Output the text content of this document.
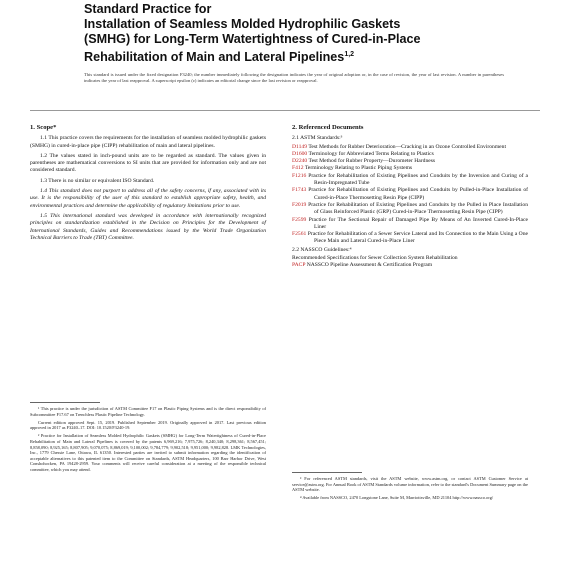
Standard Practice for
Installation of Seamless Molded Hydrophilic Gaskets
(SMHG) for Long-Term Watertightness of Cured-in-Place
Rehabilitation of Main and Lateral Pipelines$^{1,2}$
This standard is issued under the fixed designation F3240; the number immediately following the designation indicates the year of original adoption or, in the case of revision, the year of last revision. A number in parentheses indicates the year of last reapproval. A superscript epsilon (ε) indicates an editorial change since the last revision or reapproval.
1. Scope*

1.1 This practice covers the requirements for the installation of seamless molded hydrophilic gaskets (SMHG) in cured-in-place pipe (CIPP) rehabilitation of main and lateral pipelines.

1.2 The values stated in inch-pound units are to be regarded as standard. The values given in parentheses are mathematical conversions to SI units that are provided for information only and are not considered standard.

1.3 There is no similar or equivalent ISO Standard.

1.4 This standard does not purport to address all of the safety concerns, if any, associated with its use. It is the responsibility of the user of this standard to establish appropriate safety, health, and environmental practices and determine the applicability of regulatory limitations prior to use.

1.5 This international standard was developed in accordance with internationally recognized principles on standardization established in the Decision on Principles for the Development of International Standards, Guides and Recommendations issued by the World Trade Organization Technical Barriers to Trade (TBT) Committee.

¹ This practice is under the jurisdiction of ASTM Committee F17 on Plastic Piping Systems and is the direct responsibility of Subcommittee F17.67 on Trenchless Plastic Pipeline Technology.

Current edition approved Sept. 15, 2019. Published September 2019. Originally approved in 2017. Last previous edition approved in 2017 as F3240–17. DOI: 10.1520/F3240-19.

² Practice for Installation of Seamless Molded Hydrophilic Gaskets (SMHG) for Long-Term Watertightness of Cured-in-Place Rehabilitation of Main and Lateral Pipelines is covered by the patents 6,969,216; 7,975,726; 8,240,340; 8,298,361; 8,567,451; 8,858,090; 8,925,165; 8,807,905; 9,070,075; 8,869,019; 9,100,002; 9,784,779; 9,902,518; 9,951,000; 9,982,828. LMK Technologies, Inc., 1779 Chessie Lane, Ottawa, IL 61350. Interested parties are invited to submit information regarding the identification of acceptable alternatives to this patented item to the Committee on Standards, ASTM Headquarters, 100 Barr Harbor Drive, West Conshohocken, PA 19428-2959. Your comments will receive careful consideration at a meeting of the responsible technical committee, which you may attend.

2. Referenced Documents

2.1 ASTM Standards:³

D1149 Test Methods for Rubber Deterioration—Cracking in an Ozone Controlled Environment

D1600 Terminology for Abbreviated Terms Relating to Plastics

D2240 Test Method for Rubber Property—Durometer Hardness

F412 Terminology Relating to Plastic Piping Systems

F1216 Practice for Rehabilitation of Existing Pipelines and Conduits by the Inversion and Curing of a Resin-Impregnated Tube

F1743 Practice for Rehabilitation of Existing Pipelines and Conduits by Pulled-in-Place Installation of Cured-in-Place Thermosetting Resin Pipe (CIPP)

F2019 Practice for Rehabilitation of Existing Pipelines and Conduits by the Pulled in Place Installation of Glass Reinforced Plastic (GRP) Cured-in-Place Thermosetting Resin Pipe (CIPP)

F2599 Practice for The Sectional Repair of Damaged Pipe By Means of An Inverted Cured-In-Place Liner

F2561 Practice for Rehabilitation of a Sewer Service Lateral and Its Connection to the Main Using a One Piece Main and Lateral Cured-in-Place Liner

2.2 NASSCO Guidelines:⁴

Recommended Specifications for Sewer Collection System Rehabilitation

PACP NASSCO Pipeline Assessment & Certification Program

³ For referenced ASTM standards, visit the ASTM website, www.astm.org, or contact ASTM Customer Service at service@astm.org. For Annual Book of ASTM Standards volume information, refer to the standard's Document Summary page on the ASTM website.

⁴ Available from NASSCO, 2470 Longstone Lane, Suite M, Marriottsville, MD 21104 http://www.nassco.org/
